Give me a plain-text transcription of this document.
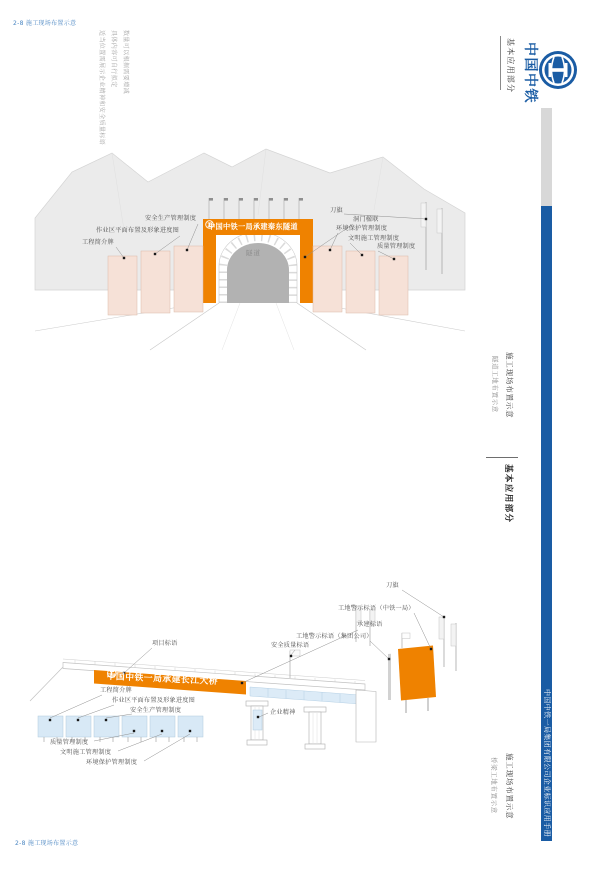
2-8 施工现场布置示意
2-8 施工现场布置示意
数量可以根据需要增减
具体内容可自行拟定
适当位置需展示企业精神和安全质量标语	基本应用部分 中国中铁
中国中铁一局集团有限公司企业标识应用手册
施工现场布置示意
隧道工地布置示意
基本应用部分
施工现场布置示意
桥梁工地布置示意
中国中铁一局承建秦东隧道
隧道
安全生产管理制度
作业区平面布置及形象进度图
工程简介牌
刀旗
洞门楹联
环境保护管理制度
文明施工管理制度
质量管理制度
中国中铁一局承建长江大桥
刀旗
工地警示标语（中铁一局）
承建标语
工地警示标语（集团公司）
项目标语	安全质量标语
工程简介牌
作业区平面布置及形象进度图
安全生产管理制度	企业精神
质量管理制度
文明施工管理制度
环境保护管理制度
